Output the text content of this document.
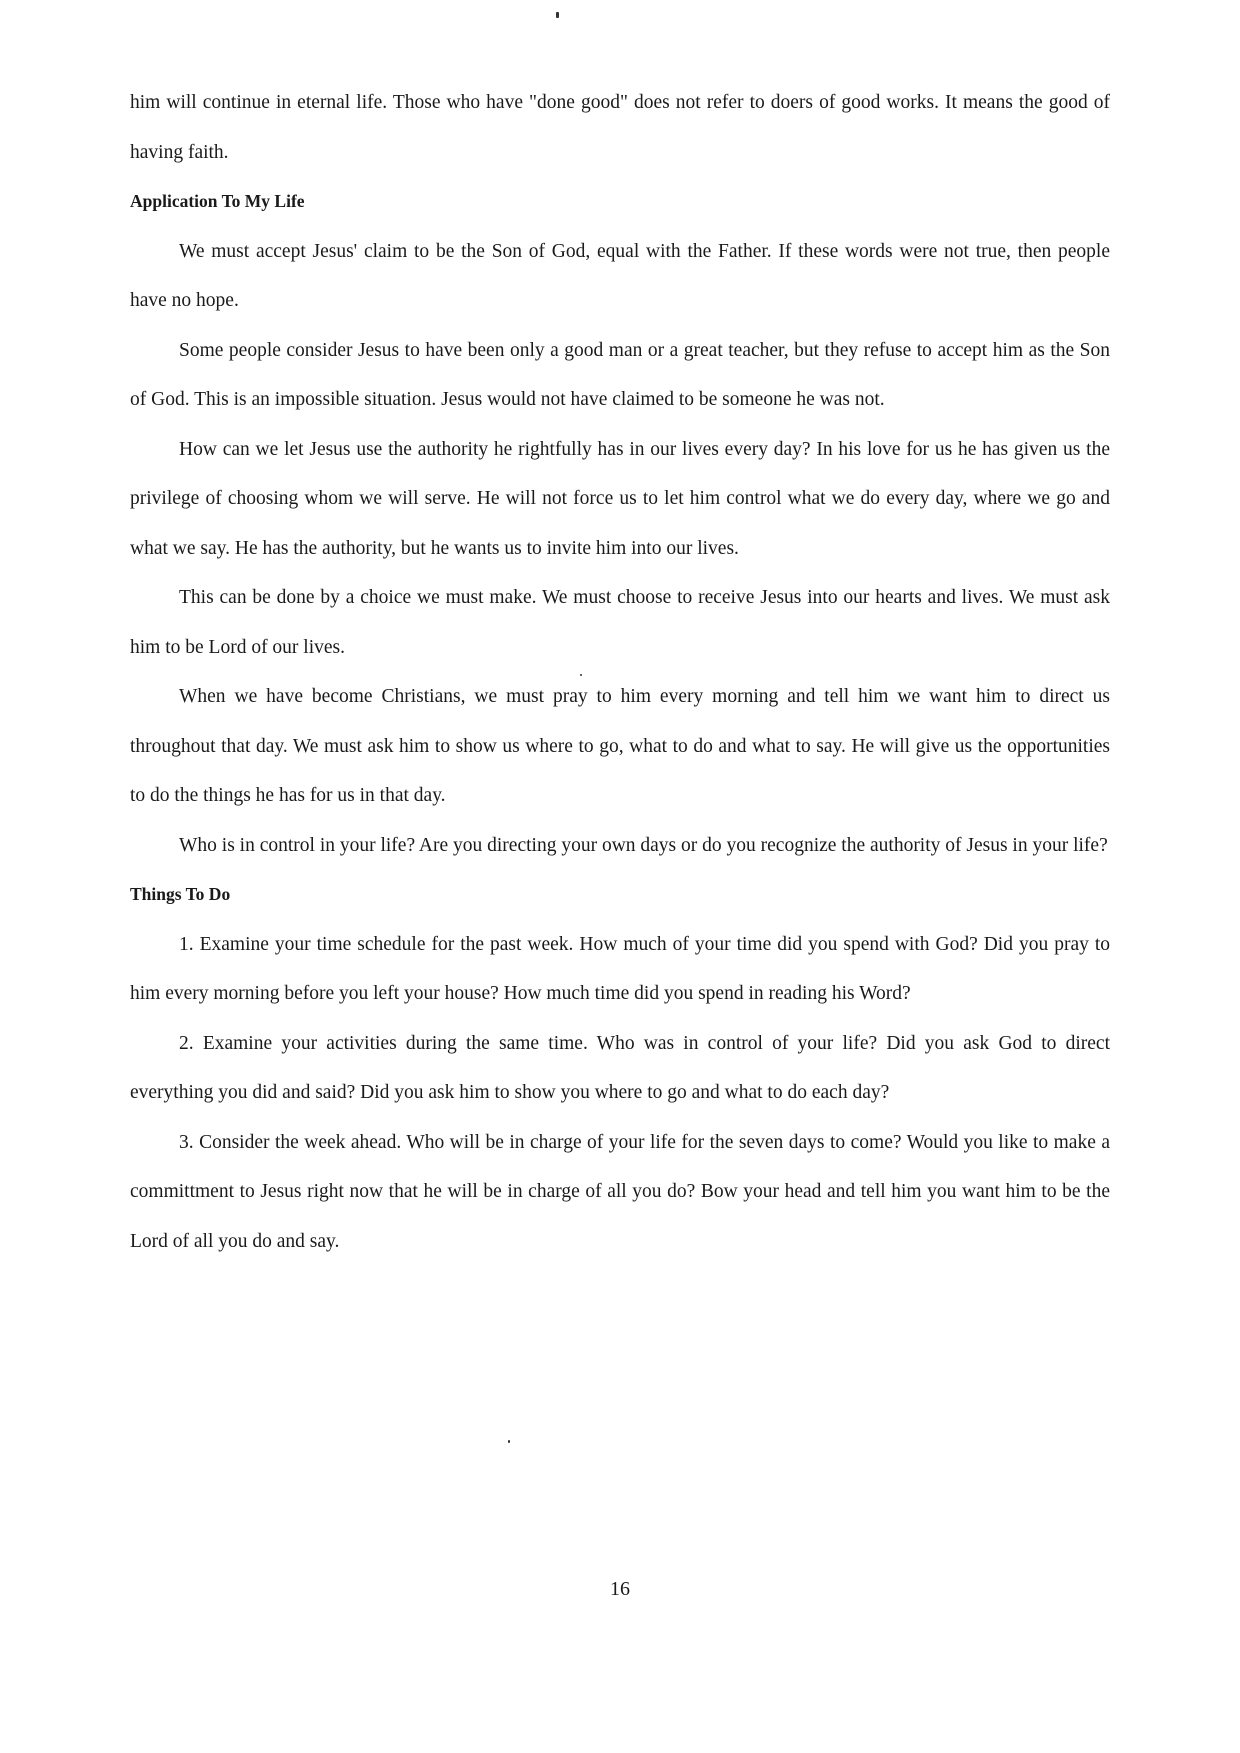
him will continue in eternal life. Those who have "done good" does not refer to doers of good works. It means the good of having faith.

Application To My Life

We must accept Jesus' claim to be the Son of God, equal with the Father. If these words were not true, then people have no hope.

Some people consider Jesus to have been only a good man or a great teacher, but they refuse to accept him as the Son of God. This is an impossible situation. Jesus would not have claimed to be someone he was not.

How can we let Jesus use the authority he rightfully has in our lives every day? In his love for us he has given us the privilege of choosing whom we will serve. He will not force us to let him control what we do every day, where we go and what we say. He has the authority, but he wants us to invite him into our lives.

This can be done by a choice we must make. We must choose to receive Jesus into our hearts and lives. We must ask him to be Lord of our lives.

When we have become Christians, we must pray to him every morning and tell him we want him to direct us throughout that day. We must ask him to show us where to go, what to do and what to say. He will give us the opportunities to do the things he has for us in that day.

Who is in control in your life? Are you directing your own days or do you recognize the authority of Jesus in your life?

Things To Do

1. Examine your time schedule for the past week. How much of your time did you spend with God? Did you pray to him every morning before you left your house? How much time did you spend in reading his Word?

2. Examine your activities during the same time. Who was in control of your life? Did you ask God to direct everything you did and said? Did you ask him to show you where to go and what to do each day?

3. Consider the week ahead. Who will be in charge of your life for the seven days to come? Would you like to make a committment to Jesus right now that he will be in charge of all you do? Bow your head and tell him you want him to be the Lord of all you do and say.

16
